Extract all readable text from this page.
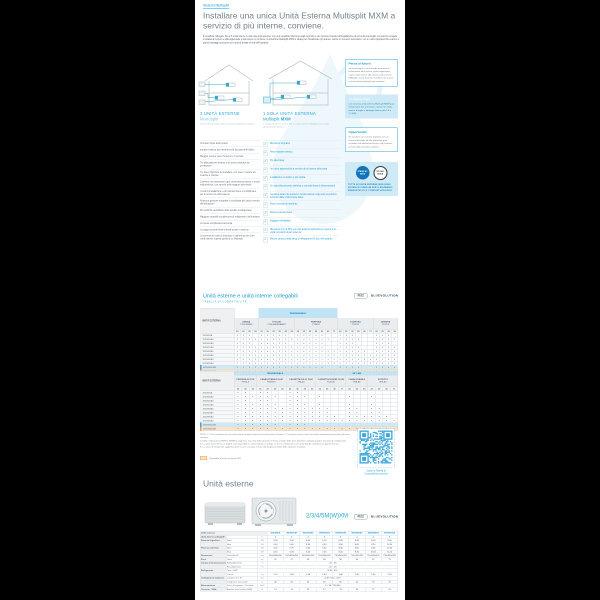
Sistemi Multisplit
Installare una unica Unità Esterna Multisplit MXM a servizio di più interne, conviene.

È possibile collegare fino a 5 unità interne a una sola unità esterna, con una sensibile riduzione degli ingombri e dei consumi rispetto all'installazione di più unità monosplit. La potenza erogata si adatta al numero e alla taglia delle unità interne in funzione: la soluzione Multisplit MXM è ideale per climatizzare più stanze, anche in momenti successivi, con un unico apparecchio esterno e grandi vantaggi economici per tutta la durata di vita dell'impianto.

3 UNITÀ ESTERNE
Monosplit
con tre allacciamenti elettrici e tre linee frigorifere separate
1 SOLA UNITÀ ESTERNA
Multisplit MXM
a servizio di tutte le stanze: fino a 5 unità interne collegabili con un solo allacciamento elettrico
Occupa il triplo dello spazio
Impatto estetico più pesante sulla facciata dell'edificio
Maggior rumore verso l'esterno e il vicinato
Tre allacciamenti elettrici e tre prese dedicate da predisporre
Tre linee frigorifere da installare, con opere murarie più invasive e costose
Consumi non ottimizzati: ogni unità esterna lavora in modo indipendente, con sprechi nelle stagioni intermedie
I costi di installazione e di manutenzione si moltiplicano per il numero di unità esterne
Nessuna gestione integrata e coordinata del carico termico dell'abitazione
Più verifiche periodiche delle perdite di refrigerante
Maggiore quantità complessiva di refrigerante nell'impianto
La spesa complessiva aumenta
La legge prevede limiti ai livelli sonori in esterno
La somma dei costi di esercizio e manutenzione di tre unità esterne supera quella di un Multisplit
✓ Risparmio di spazio
✓ Minor impatto estetico
✓ Più silenziosa
✓ Un unico apparecchio a servizio di più stanze della casa
✓ Installazione semplice e più rapida
✓ Un solo allacciamento elettrico e una sola linea di alimentazione
✓ Gestione smart dei consumi: l'unità esterna eroga solo la potenza richiesta dalle unità interne attive
✓ Minori consumi in stand-by
✓ Minore manutenzione
✓ Maggiore affidabilità
✓ Risparmio fino al 30% sui costi della climatizzazione rispetto a tre unità monosplit di pari potenza
✓ Minore carica complessiva di refrigerante (R-32) nell'impianto
Pensa al futuro!
Se hai bisogno in un secondo momento di climatizzare altre stanze, potrai aggiungere nuove unità interne alla stessa unità esterna Multisplit, senza doverne installare una nuova e senza rifare l'impianto già esistente.
Lo sapevi che?
Con un'unica unità esterna Multisplit MXM puoi climatizzare fino a 5 stanze, anche con unità interne di taglie e tipologie diverse (da 1,5 a 7,1 kW).
Opportunità!
Se sostituisci un vecchio impianto con un sistema Multisplit ad alta efficienza puoi accedere alle detrazioni fiscali e agli incentivi previsti dalla normativa vigente.
STAND BY SAVE
ECONO MODE
TUTTE LE UNITÀ ESTERNE MXM SONO DOTATE DI FUNZIONI PER IL RISPARMIO ENERGETICO E IL COMFORT ACUSTICO
Unità esterne e unità interne collegabili
TABELLA DI COMPATIBILITÀ
R32	BLUEVOLUTION
UNITÀ ESTERNA					RESIDENZIALE																						

EMURA
FTXJ-MW/MS

STYLISH
FTXA-AW/BS/BB/BT

PERFERA
FTXM-R

COMFORA
FTXP-M

SENSIRA
FTXF-A

	20	25	35	50	15	20	25	35	42	50	20	25	35	42	50	60	71	20	25	35	50	60	71	20	25	35	50
2MXM40A	•	•	•		•	•	•	•	•		•	•	•	•	•			•	•	•				•	•	•	
2MXM50A9	•	•	•	•	•	•	•	•	•	•	•	•	•	•	•	•		•	•	•	•			•	•	•	•
3MXM40A8	•	•	•		•	•	•	•	•		•	•	•	•	•			•	•	•				•	•	•	
3MXM52A8	•	•	•	•	•	•	•	•	•	•	•	•	•	•	•			•	•	•	•			•	•	•	•
3MXM68A9	•	•	•	•	•	•	•	•	•	•	•	•	•	•	•	•	•	•	•	•	•	•		•	•	•	•
4MXM68A9	•	•	•	•	•	•	•	•	•	•	•	•	•	•	•	•	•	•	•	•	•	•	•	•	•	•	•
4MXM80A9	•	•	•	•	•	•	•	•	•	•	•	•	•	•	•	•	•	•	•	•	•	•	•	•	•	•	•
5MXM90A9	•	•	•	•	•	•	•	•	•	•	•	•	•	•	•	•	•	•	•	•	•	•	•	•	•	•	•
4MWXM52A9	•	•	•	•	•	•	•	•	•	•	•	•	•	•	•			•	•	•	•			•	•	•	•

UNITÀ ESTERNA	RESIDENZIALE											SKY AIR										

PERFERA FLOOR
FVXM-A

CANALIZZABILE SLIM
FDXM-F9

CASSETTA FULLY FLAT
FFA-A9

CASSETTA ROUND FLOW
FCAG-B

CANALIZZABILE
FBA-A9

SOFFITTO
FHA-A9

	25	35	50	25	35	50	60	25	35	50	60	35	50	60	71	35	50	60	35	50	60	71
2MXM40A	•	•		•	•			•	•													
2MXM50A9	•	•	•	•	•	•		•	•	•		•				•			•			
3MXM40A8	•	•		•	•			•	•													
3MXM52A8	•	•	•	•	•	•		•	•	•		•				•			•			
3MXM68A9	•	•	•	•	•	•	•	•	•	•	•	•	•			•	•		•	•		
4MXM68A9	•	•	•	•	•	•	•	•	•	•	•	•	•			•	•		•	•		
4MXM80A9	•	•	•	•	•	•	•	•	•	•	•	•	•	•		•	•	•	•	•	•	
5MXM90A9	•	•	•	•	•	•	•	•	•	•	•	•	•	•	•	•	•	•	•	•	•	•
4MWXM52A9	•	•	•	•	•	•		•	•	•												
5MWXM90A9	•	•	•	•	•	•	•	•	•	•	•	•	•	•	•	•	•					•
NOTE: 1. Per le combinazioni con unità interne di taglia superiore fare riferimento al listino. 2. Le potenze rese si riferiscono alla combinazione nominale indicata a catalogo.
3. Nelle combinazioni 2MXM e 3MXM la lunghezza massima delle tubazioni è riferita al totale delle linee frigorifere collegate (vedere manuale di installazione).
4. Le unità interne Emura e Stylish sono disponibili nei colori indicati a catalogo. 5. Per le combinazioni con unità Sky Air contattare il supporto tecnico.
6. La carica di refrigerante aggiuntiva deve essere calcolata in base alla lunghezza totale delle tubazioni installate.
Disponibile a partire da aprile 2021
Scopri la Tabella di
Compatibilità completa
Unità esterne
2/3/4/5M(W)XM	R32	BLUEVOLUTION
Unità esterna			2MXM40A	2MXM50A9	3MXM40A8	3MXM52A8	3MXM68A9	4MXM68A9	4MXM80A9	5MXM90A9
Unità interne collegabili		n°	2	2	3	3	3	4	4	5
Potenza frigorifera	Nom.	kW	4,00	5,00	4,00	5,20	6,80	6,80	8,00	9,00
	Max.	kW	4,40	5,60	4,80	6,50	8,00	8,60	9,20	10,20
Potenza calorifica	Nom.	kW	4,20	5,70	4,60	5,60	8,60	8,60	9,00	10,40
	Max.	kW	4,60	6,30	5,20	7,00	9,00	9,40	10,00	11,20
Dimensioni	Unità AxLxP	mm	552x840x350	552x840x350	552x840x350	710x940x320	710x940x320	710x940x320	710x940x320	790x940x320
Peso	Unità	kg	41	47	49	58	58	64	67	79
Campo di funzionamento	Raffreddamento	°C	-10 ~ 46							
	Riscaldamento	°C	-15 ~ 18							
Refrigerante	Tipo / GWP		R-32 / 675							
	Carica	kg	1,10	1,30	1,40	1,55	1,80	1,80	1,90	2,30
Collegamenti tubazioni	Liquido / Gas Ø	mm	6,35 / 9,52 - 15,9							
	Lunghezza max totale	m	30	30	50	50	60	60	70	75
Alimentazione	Fase / Frequenza / Tensione	Hz/V	1~ / 50 / 220-240							
Corrente - 50Hz	Ampere max fusibile (MFA)	A	13	14	16	17	19	19	22	24
